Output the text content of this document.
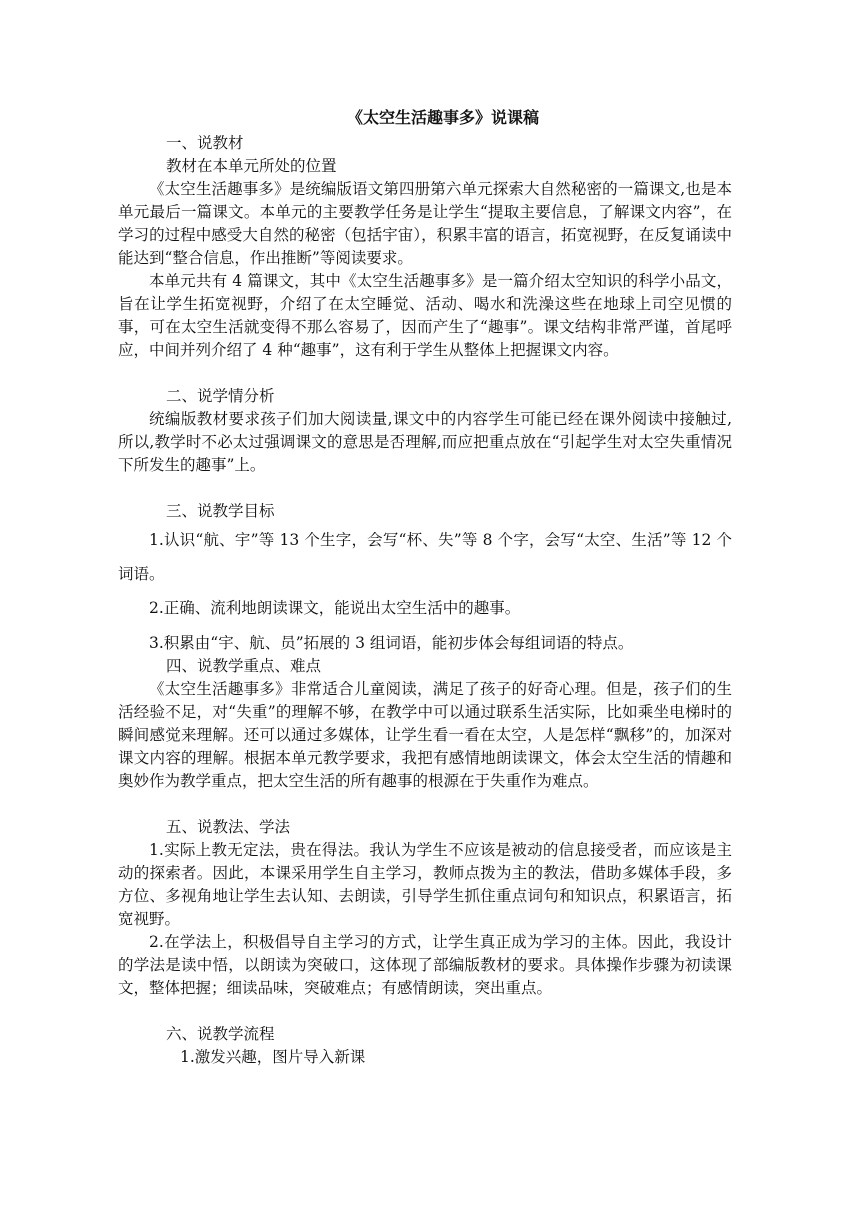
《太空生活趣事多》说课稿

一、说教材

教材在本单元所处的位置

《太空生活趣事多》是统编版语文第四册第六单元探索大自然秘密的一篇课文,也是本单元最后一篇课文。本单元的主要教学任务是让学生“提取主要信息，了解课文内容”，在学习的过程中感受大自然的秘密（包括宇宙），积累丰富的语言，拓宽视野，在反复诵读中能达到“整合信息，作出推断”等阅读要求。

本单元共有 4 篇课文，其中《太空生活趣事多》是一篇介绍太空知识的科学小品文，旨在让学生拓宽视野，介绍了在太空睡觉、活动、喝水和洗澡这些在地球上司空见惯的事，可在太空生活就变得不那么容易了，因而产生了“趣事”。课文结构非常严谨，首尾呼应，中间并列介绍了 4 种“趣事”，这有利于学生从整体上把握课文内容。

二、说学情分析

统编版教材要求孩子们加大阅读量,课文中的内容学生可能已经在课外阅读中接触过,所以,教学时不必太过强调课文的意思是否理解,而应把重点放在“引起学生对太空失重情况下所发生的趣事”上。

三、说教学目标

1.认识“航、宇”等 13 个生字，会写“杯、失”等 8 个字，会写“太空、生活”等 12 个词语。

2.正确、流利地朗读课文，能说出太空生活中的趣事。

3.积累由“宇、航、员”拓展的 3 组词语，能初步体会每组词语的特点。

四、说教学重点、难点

《太空生活趣事多》非常适合儿童阅读，满足了孩子的好奇心理。但是，孩子们的生活经验不足，对“失重”的理解不够，在教学中可以通过联系生活实际，比如乘坐电梯时的瞬间感觉来理解。还可以通过多媒体，让学生看一看在太空，人是怎样“飘移”的，加深对课文内容的理解。根据本单元教学要求，我把有感情地朗读课文，体会太空生活的情趣和奥妙作为教学重点，把太空生活的所有趣事的根源在于失重作为难点。

五、说教法、学法

1.实际上教无定法，贵在得法。我认为学生不应该是被动的信息接受者，而应该是主动的探索者。因此，本课采用学生自主学习，教师点拨为主的教法，借助多媒体手段，多方位、多视角地让学生去认知、去朗读，引导学生抓住重点词句和知识点，积累语言，拓宽视野。

2.在学法上，积极倡导自主学习的方式，让学生真正成为学习的主体。因此，我设计的学法是读中悟，以朗读为突破口，这体现了部编版教材的要求。具体操作步骤为初读课文，整体把握；细读品味，突破难点；有感情朗读，突出重点。

六、说教学流程

1.激发兴趣，图片导入新课
